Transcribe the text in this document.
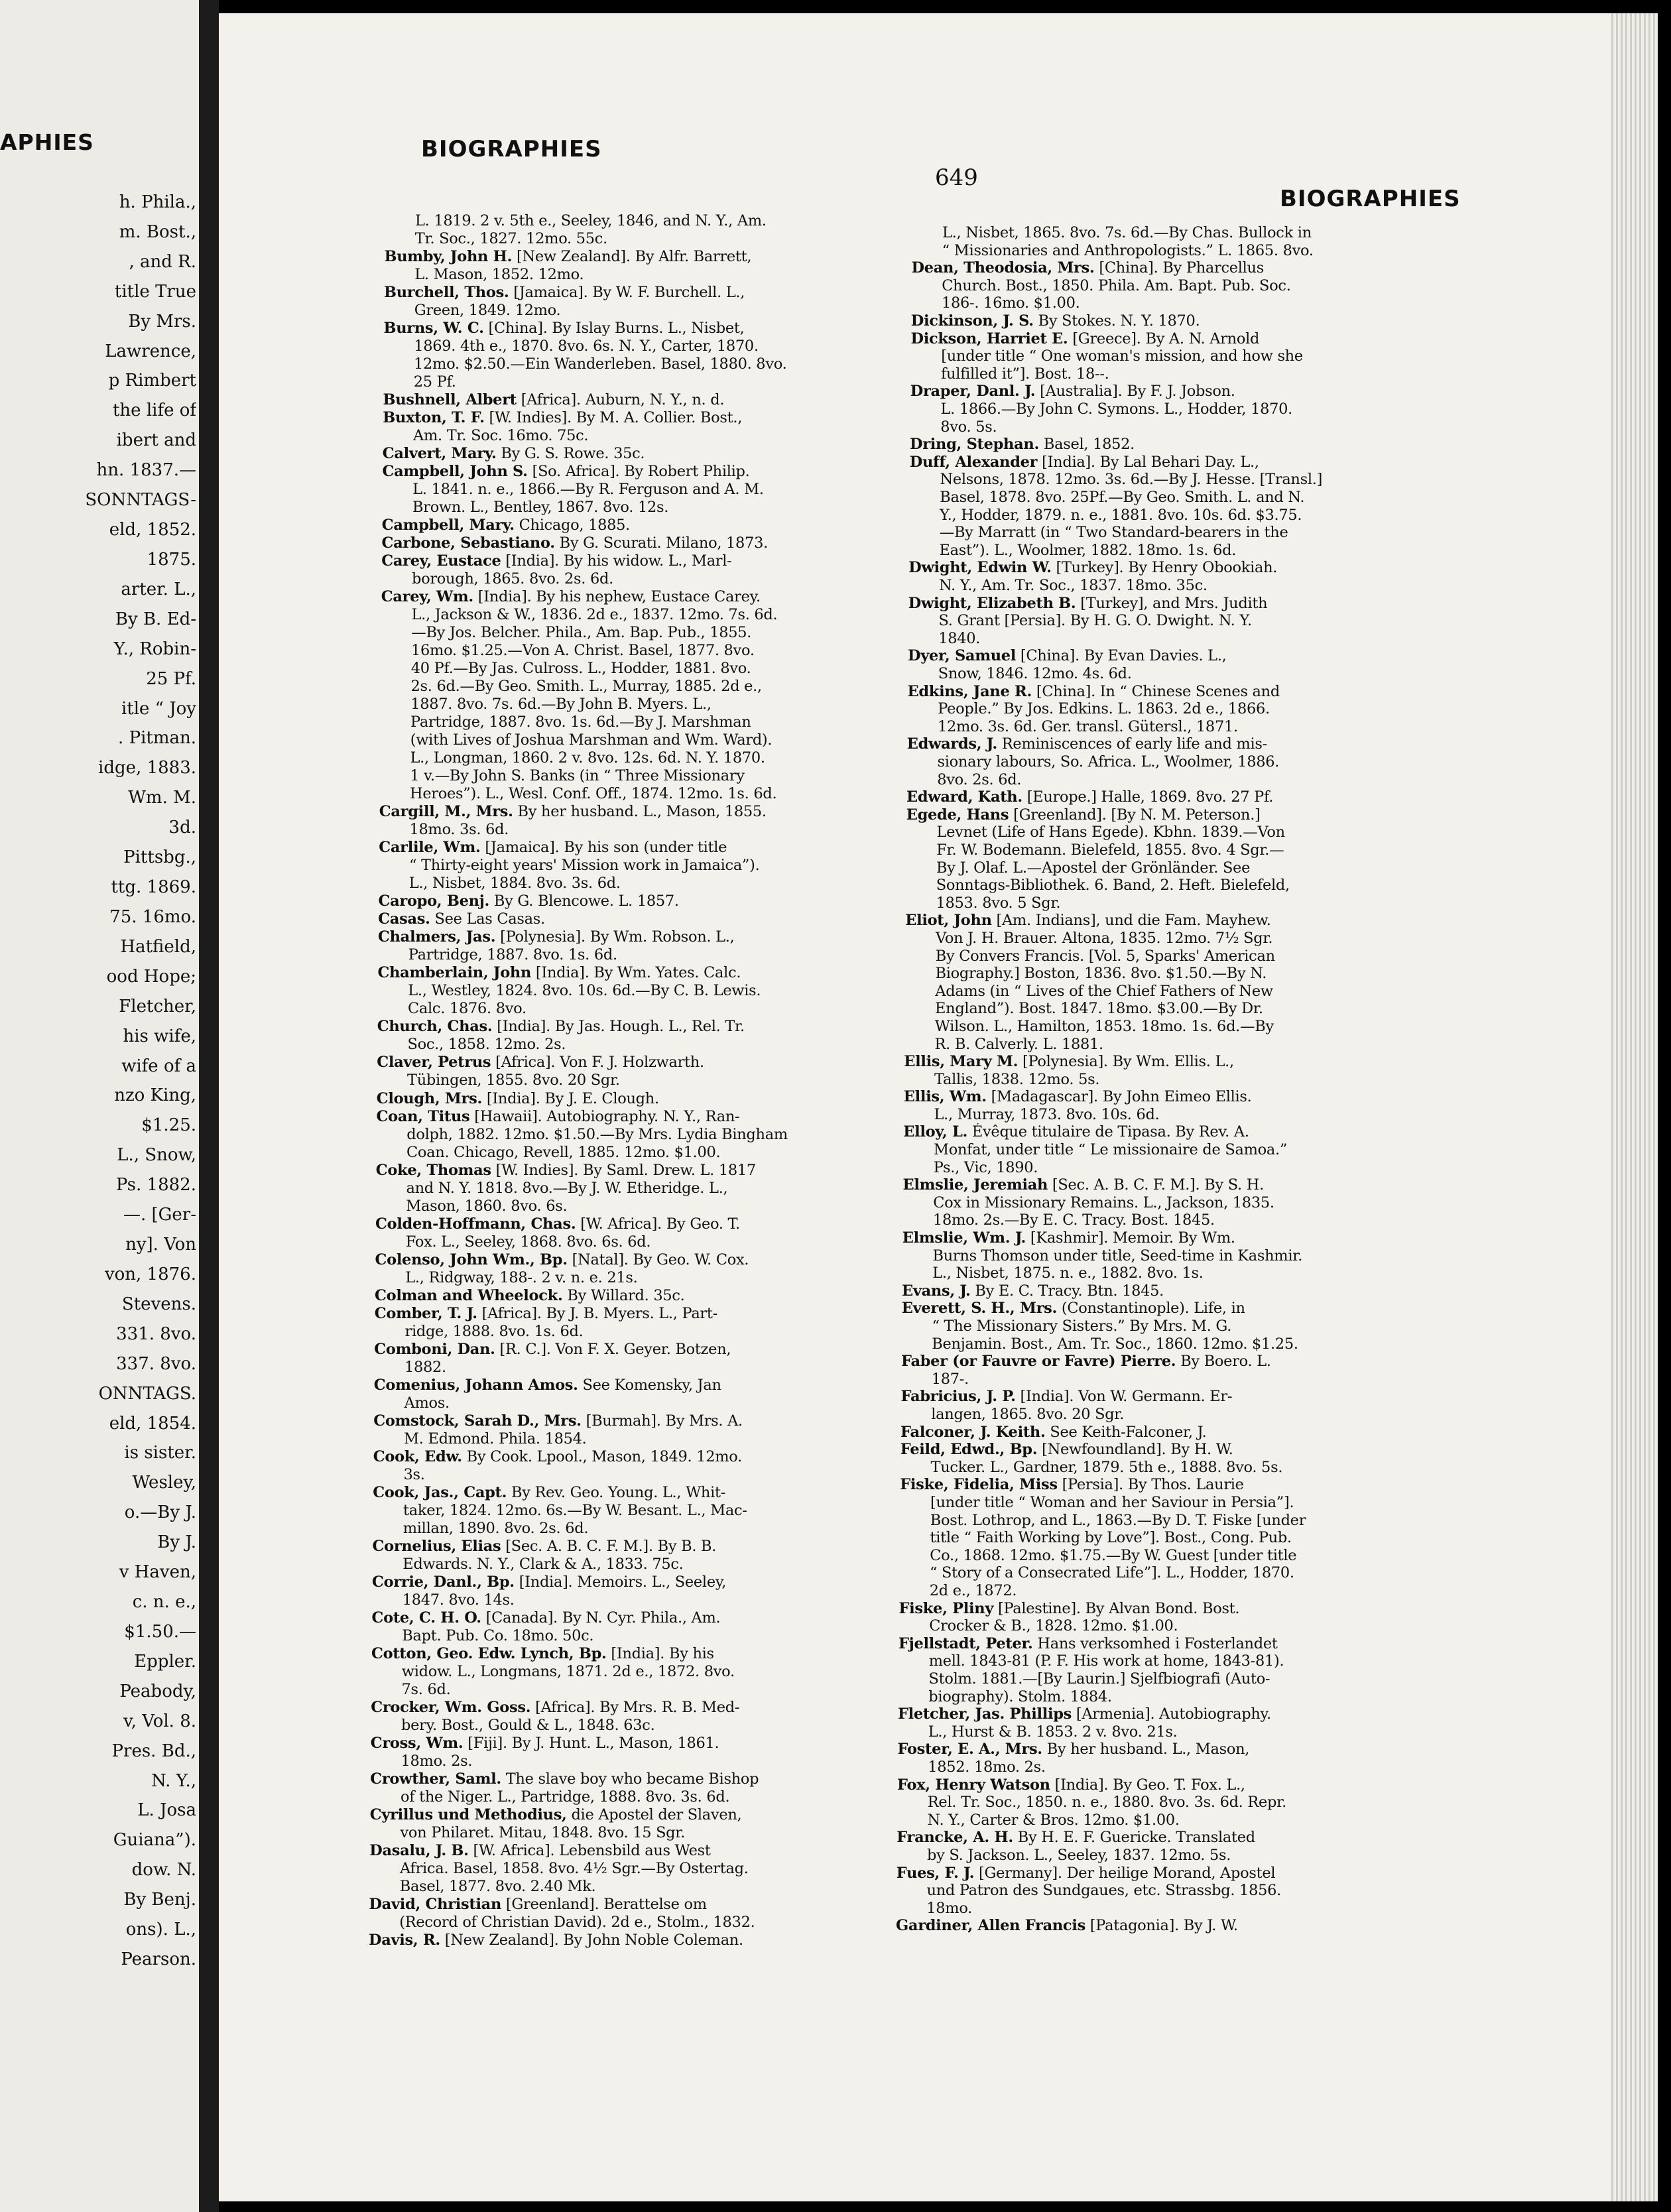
APHIES
h. Phila.,
m. Bost.,
, and R.
title True
By Mrs.
Lawrence,
p Rimbert
the life of
ibert and
hn. 1837.—
SONNTAGS-
eld, 1852.
1875.
arter. L.,
By B. Ed-
Y., Robin-
25 Pf.
itle “ Joy
. Pitman.
idge, 1883.
Wm. M.
3d.
Pittsbg.,
ttg. 1869.
75. 16mo.
Hatfield,
ood Hope;
Fletcher,
his wife,
wife of a
nzo King,
$1.25.
L., Snow,
Ps. 1882.
—. [Ger-
ny]. Von
von, 1876.
Stevens.
331. 8vo.
337. 8vo.
ONNTAGS.
eld, 1854.
is sister.
Wesley,
o.—By J.
By J.
v Haven,
c. n. e.,
$1.50.—
Eppler.
Peabody,
v, Vol. 8.
Pres. Bd.,
N. Y.,
L. Josa
Guiana”).
dow. N.
By Benj.
ons). L.,
Pearson.
BIOGRAPHIES
649
BIOGRAPHIES
L. 1819. 2 v. 5th e., Seeley, 1846, and N. Y., Am.
Tr. Soc., 1827. 12mo. 55c.
Bumby, John H. [New Zealand]. By Alfr. Barrett,
L. Mason, 1852. 12mo.
Burchell, Thos. [Jamaica]. By W. F. Burchell. L.,
Green, 1849. 12mo.
Burns, W. C. [China]. By Islay Burns. L., Nisbet,
1869. 4th e., 1870. 8vo. 6s. N. Y., Carter, 1870.
12mo. $2.50.—Ein Wanderleben. Basel, 1880. 8vo.
25 Pf.
Bushnell, Albert [Africa]. Auburn, N. Y., n. d.
Buxton, T. F. [W. Indies]. By M. A. Collier. Bost.,
Am. Tr. Soc. 16mo. 75c.
Calvert, Mary. By G. S. Rowe. 35c.
Campbell, John S. [So. Africa]. By Robert Philip.
L. 1841. n. e., 1866.—By R. Ferguson and A. M.
Brown. L., Bentley, 1867. 8vo. 12s.
Campbell, Mary. Chicago, 1885.
Carbone, Sebastiano. By G. Scurati. Milano, 1873.
Carey, Eustace [India]. By his widow. L., Marl-
borough, 1865. 8vo. 2s. 6d.
Carey, Wm. [India]. By his nephew, Eustace Carey.
L., Jackson & W., 1836. 2d e., 1837. 12mo. 7s. 6d.
—By Jos. Belcher. Phila., Am. Bap. Pub., 1855.
16mo. $1.25.—Von A. Christ. Basel, 1877. 8vo.
40 Pf.—By Jas. Culross. L., Hodder, 1881. 8vo.
2s. 6d.—By Geo. Smith. L., Murray, 1885. 2d e.,
1887. 8vo. 7s. 6d.—By John B. Myers. L.,
Partridge, 1887. 8vo. 1s. 6d.—By J. Marshman
(with Lives of Joshua Marshman and Wm. Ward).
L., Longman, 1860. 2 v. 8vo. 12s. 6d. N. Y. 1870.
1 v.—By John S. Banks (in “ Three Missionary
Heroes”). L., Wesl. Conf. Off., 1874. 12mo. 1s. 6d.
Cargill, M., Mrs. By her husband. L., Mason, 1855.
18mo. 3s. 6d.
Carlile, Wm. [Jamaica]. By his son (under title
“ Thirty-eight years' Mission work in Jamaica”).
L., Nisbet, 1884. 8vo. 3s. 6d.
Caropo, Benj. By G. Blencowe. L. 1857.
Casas. See Las Casas.
Chalmers, Jas. [Polynesia]. By Wm. Robson. L.,
Partridge, 1887. 8vo. 1s. 6d.
Chamberlain, John [India]. By Wm. Yates. Calc.
L., Westley, 1824. 8vo. 10s. 6d.—By C. B. Lewis.
Calc. 1876. 8vo.
Church, Chas. [India]. By Jas. Hough. L., Rel. Tr.
Soc., 1858. 12mo. 2s.
Claver, Petrus [Africa]. Von F. J. Holzwarth.
Tübingen, 1855. 8vo. 20 Sgr.
Clough, Mrs. [India]. By J. E. Clough.
Coan, Titus [Hawaii]. Autobiography. N. Y., Ran-
dolph, 1882. 12mo. $1.50.—By Mrs. Lydia Bingham
Coan. Chicago, Revell, 1885. 12mo. $1.00.
Coke, Thomas [W. Indies]. By Saml. Drew. L. 1817
and N. Y. 1818. 8vo.—By J. W. Etheridge. L.,
Mason, 1860. 8vo. 6s.
Colden-Hoffmann, Chas. [W. Africa]. By Geo. T.
Fox. L., Seeley, 1868. 8vo. 6s. 6d.
Colenso, John Wm., Bp. [Natal]. By Geo. W. Cox.
L., Ridgway, 188-. 2 v. n. e. 21s.
Colman and Wheelock. By Willard. 35c.
Comber, T. J. [Africa]. By J. B. Myers. L., Part-
ridge, 1888. 8vo. 1s. 6d.
Comboni, Dan. [R. C.]. Von F. X. Geyer. Botzen,
1882.
Comenius, Johann Amos. See Komensky, Jan
Amos.
Comstock, Sarah D., Mrs. [Burmah]. By Mrs. A.
M. Edmond. Phila. 1854.
Cook, Edw. By Cook. Lpool., Mason, 1849. 12mo.
3s.
Cook, Jas., Capt. By Rev. Geo. Young. L., Whit-
taker, 1824. 12mo. 6s.—By W. Besant. L., Mac-
millan, 1890. 8vo. 2s. 6d.
Cornelius, Elias [Sec. A. B. C. F. M.]. By B. B.
Edwards. N. Y., Clark & A., 1833. 75c.
Corrie, Danl., Bp. [India]. Memoirs. L., Seeley,
1847. 8vo. 14s.
Cote, C. H. O. [Canada]. By N. Cyr. Phila., Am.
Bapt. Pub. Co. 18mo. 50c.
Cotton, Geo. Edw. Lynch, Bp. [India]. By his
widow. L., Longmans, 1871. 2d e., 1872. 8vo.
7s. 6d.
Crocker, Wm. Goss. [Africa]. By Mrs. R. B. Med-
bery. Bost., Gould & L., 1848. 63c.
Cross, Wm. [Fiji]. By J. Hunt. L., Mason, 1861.
18mo. 2s.
Crowther, Saml. The slave boy who became Bishop
of the Niger. L., Partridge, 1888. 8vo. 3s. 6d.
Cyrillus und Methodius, die Apostel der Slaven,
von Philaret. Mitau, 1848. 8vo. 15 Sgr.
Dasalu, J. B. [W. Africa]. Lebensbild aus West
Africa. Basel, 1858. 8vo. 4½ Sgr.—By Ostertag.
Basel, 1877. 8vo. 2.40 Mk.
David, Christian [Greenland]. Berattelse om
(Record of Christian David). 2d e., Stolm., 1832.
Davis, R. [New Zealand]. By John Noble Coleman.
L., Nisbet, 1865. 8vo. 7s. 6d.—By Chas. Bullock in
“ Missionaries and Anthropologists.” L. 1865. 8vo.
Dean, Theodosia, Mrs. [China]. By Pharcellus
Church. Bost., 1850. Phila. Am. Bapt. Pub. Soc.
186-. 16mo. $1.00.
Dickinson, J. S. By Stokes. N. Y. 1870.
Dickson, Harriet E. [Greece]. By A. N. Arnold
[under title “ One woman's mission, and how she
fulfilled it”]. Bost. 18--.
Draper, Danl. J. [Australia]. By F. J. Jobson.
L. 1866.—By John C. Symons. L., Hodder, 1870.
8vo. 5s.
Dring, Stephan. Basel, 1852.
Duff, Alexander [India]. By Lal Behari Day. L.,
Nelsons, 1878. 12mo. 3s. 6d.—By J. Hesse. [Transl.]
Basel, 1878. 8vo. 25Pf.—By Geo. Smith. L. and N.
Y., Hodder, 1879. n. e., 1881. 8vo. 10s. 6d. $3.75.
—By Marratt (in “ Two Standard-bearers in the
East”). L., Woolmer, 1882. 18mo. 1s. 6d.
Dwight, Edwin W. [Turkey]. By Henry Obookiah.
N. Y., Am. Tr. Soc., 1837. 18mo. 35c.
Dwight, Elizabeth B. [Turkey], and Mrs. Judith
S. Grant [Persia]. By H. G. O. Dwight. N. Y.
1840.
Dyer, Samuel [China]. By Evan Davies. L.,
Snow, 1846. 12mo. 4s. 6d.
Edkins, Jane R. [China]. In “ Chinese Scenes and
People.” By Jos. Edkins. L. 1863. 2d e., 1866.
12mo. 3s. 6d. Ger. transl. Gütersl., 1871.
Edwards, J. Reminiscences of early life and mis-
sionary labours, So. Africa. L., Woolmer, 1886.
8vo. 2s. 6d.
Edward, Kath. [Europe.] Halle, 1869. 8vo. 27 Pf.
Egede, Hans [Greenland]. [By N. M. Peterson.]
Levnet (Life of Hans Egede). Kbhn. 1839.—Von
Fr. W. Bodemann. Bielefeld, 1855. 8vo. 4 Sgr.—
By J. Olaf. L.—Apostel der Grönländer. See
Sonntags-Bibliothek. 6. Band, 2. Heft. Bielefeld,
1853. 8vo. 5 Sgr.
Eliot, John [Am. Indians], und die Fam. Mayhew.
Von J. H. Brauer. Altona, 1835. 12mo. 7½ Sgr.
By Convers Francis. [Vol. 5, Sparks' American
Biography.] Boston, 1836. 8vo. $1.50.—By N.
Adams (in “ Lives of the Chief Fathers of New
England”). Bost. 1847. 18mo. $3.00.—By Dr.
Wilson. L., Hamilton, 1853. 18mo. 1s. 6d.—By
R. B. Calverly. L. 1881.
Ellis, Mary M. [Polynesia]. By Wm. Ellis. L.,
Tallis, 1838. 12mo. 5s.
Ellis, Wm. [Madagascar]. By John Eimeo Ellis.
L., Murray, 1873. 8vo. 10s. 6d.
Elloy, L. Évêque titulaire de Tipasa. By Rev. A.
Monfat, under title “ Le missionaire de Samoa.”
Ps., Vic, 1890.
Elmslie, Jeremiah [Sec. A. B. C. F. M.]. By S. H.
Cox in Missionary Remains. L., Jackson, 1835.
18mo. 2s.—By E. C. Tracy. Bost. 1845.
Elmslie, Wm. J. [Kashmir]. Memoir. By Wm.
Burns Thomson under title, Seed-time in Kashmir.
L., Nisbet, 1875. n. e., 1882. 8vo. 1s.
Evans, J. By E. C. Tracy. Btn. 1845.
Everett, S. H., Mrs. (Constantinople). Life, in
“ The Missionary Sisters.” By Mrs. M. G.
Benjamin. Bost., Am. Tr. Soc., 1860. 12mo. $1.25.
Faber (or Fauvre or Favre) Pierre. By Boero. L.
187-.
Fabricius, J. P. [India]. Von W. Germann. Er-
langen, 1865. 8vo. 20 Sgr.
Falconer, J. Keith. See Keith-Falconer, J.
Feild, Edwd., Bp. [Newfoundland]. By H. W.
Tucker. L., Gardner, 1879. 5th e., 1888. 8vo. 5s.
Fiske, Fidelia, Miss [Persia]. By Thos. Laurie
[under title “ Woman and her Saviour in Persia”].
Bost. Lothrop, and L., 1863.—By D. T. Fiske [under
title “ Faith Working by Love”]. Bost., Cong. Pub.
Co., 1868. 12mo. $1.75.—By W. Guest [under title
“ Story of a Consecrated Life”]. L., Hodder, 1870.
2d e., 1872.
Fiske, Pliny [Palestine]. By Alvan Bond. Bost.
Crocker & B., 1828. 12mo. $1.00.
Fjellstadt, Peter. Hans verksomhed i Fosterlandet
mell. 1843-81 (P. F. His work at home, 1843-81).
Stolm. 1881.—[By Laurin.] Sjelfbiografi (Auto-
biography). Stolm. 1884.
Fletcher, Jas. Phillips [Armenia]. Autobiography.
L., Hurst & B. 1853. 2 v. 8vo. 21s.
Foster, E. A., Mrs. By her husband. L., Mason,
1852. 18mo. 2s.
Fox, Henry Watson [India]. By Geo. T. Fox. L.,
Rel. Tr. Soc., 1850. n. e., 1880. 8vo. 3s. 6d. Repr.
N. Y., Carter & Bros. 12mo. $1.00.
Francke, A. H. By H. E. F. Guericke. Translated
by S. Jackson. L., Seeley, 1837. 12mo. 5s.
Fues, F. J. [Germany]. Der heilige Morand, Apostel
und Patron des Sundgaues, etc. Strassbg. 1856.
18mo.
Gardiner, Allen Francis [Patagonia]. By J. W.
